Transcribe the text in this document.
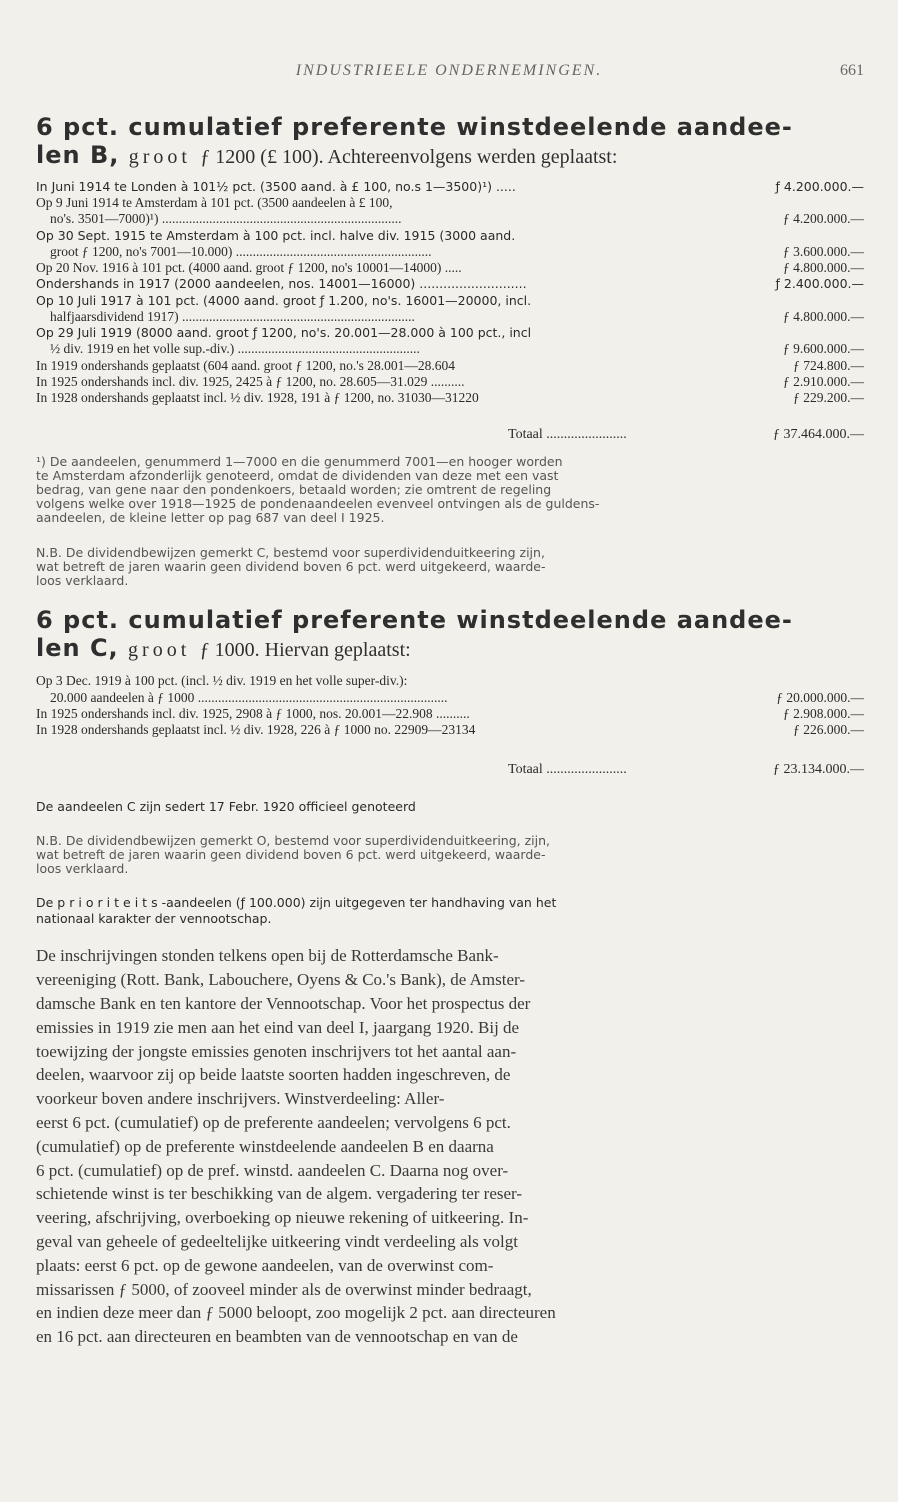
INDUSTRIEELE ONDERNEMINGEN.	661
6 pct. cumulatief preferente winstdeelende aandee-
len B, groot ƒ 1200 (£ 100). Achtereenvolgens werden geplaatst:
In Juni 1914 te Londen à 101½ pct. (3500 aand. à £ 100, no.s 1—3500)¹) .....	ƒ 4.200.000.—
Op 9 Juni 1914 te Amsterdam à 101 pct. (3500 aandeelen à £ 100,
no's. 3501—7000)¹) .......................................................................	ƒ 4.200.000.—
Op 30 Sept. 1915 te Amsterdam à 100 pct. incl. halve div. 1915 (3000 aand.
groot ƒ 1200, no's 7001—10.000) ..........................................................	ƒ 3.600.000.—
Op 20 Nov. 1916 à 101 pct. (4000 aand. groot ƒ 1200, no's 10001—14000) .....	ƒ 4.800.000.—
Ondershands in 1917 (2000 aandeelen, nos. 14001—16000) ...........................	ƒ 2.400.000.—
Op 10 Juli 1917 à 101 pct. (4000 aand. groot ƒ 1.200, no's. 16001—20000, incl.
halfjaarsdividend 1917) .....................................................................	ƒ 4.800.000.—
Op 29 Juli 1919 (8000 aand. groot ƒ 1200, no's. 20.001—28.000 à 100 pct., incl
½ div. 1919 en het volle sup.-div.) ......................................................	ƒ 9.600.000.—
In 1919 ondershands geplaatst (604 aand. groot ƒ 1200, no.'s 28.001—28.604	ƒ 724.800.—
In 1925 ondershands incl. div. 1925, 2425 à ƒ 1200, no. 28.605—31.029 ..........	ƒ 2.910.000.—
In 1928 ondershands geplaatst incl. ½ div. 1928, 191 à ƒ 1200, no. 31030—31220	ƒ 229.200.—
Totaal .......................	ƒ 37.464.000.—
¹) De aandeelen, genummerd 1—7000 en die genummerd 7001—en hooger worden
te Amsterdam afzonderlijk genoteerd, omdat de dividenden van deze met een vast
bedrag, van gene naar den pondenkoers, betaald worden; zie omtrent de regeling
volgens welke over 1918—1925 de pondenaandeelen evenveel ontvingen als de guldens-
aandeelen, de kleine letter op pag 687 van deel I 1925.
N.B. De dividendbewijzen gemerkt C, bestemd voor superdividenduitkeering zijn,
wat betreft de jaren waarin geen dividend boven 6 pct. werd uitgekeerd, waarde-
loos verklaard.
6 pct. cumulatief preferente winstdeelende aandee-
len C, groot ƒ 1000. Hiervan geplaatst:
Op 3 Dec. 1919 à 100 pct. (incl. ½ div. 1919 en het volle super-div.):
20.000 aandeelen à ƒ 1000 ..........................................................................	ƒ 20.000.000.—
In 1925 ondershands incl. div. 1925, 2908 à ƒ 1000, nos. 20.001—22.908 ..........	ƒ 2.908.000.—
In 1928 ondershands geplaatst incl. ½ div. 1928, 226 à ƒ 1000 no. 22909—23134	ƒ 226.000.—
Totaal .......................	ƒ 23.134.000.—
De aandeelen C zijn sedert 17 Febr. 1920 officieel genoteerd
N.B. De dividendbewijzen gemerkt O, bestemd voor superdividenduitkeering, zijn,
wat betreft de jaren waarin geen dividend boven 6 pct. werd uitgekeerd, waarde-
loos verklaard.
De prioriteits-aandeelen (ƒ 100.000) zijn uitgegeven ter handhaving van het
nationaal karakter der vennootschap.
De inschrijvingen stonden telkens open bij de Rotterdamsche Bank-
vereeniging (Rott. Bank, Labouchere, Oyens & Co.'s Bank), de Amster-
damsche Bank en ten kantore der Vennootschap. Voor het prospectus der
emissies in 1919 zie men aan het eind van deel I, jaargang 1920. Bij de
toewijzing der jongste emissies genoten inschrijvers tot het aantal aan-
deelen, waarvoor zij op beide laatste soorten hadden ingeschreven, de
voorkeur boven andere inschrijvers. Winstverdeeling: Aller-
eerst 6 pct. (cumulatief) op de preferente aandeelen; vervolgens 6 pct.
(cumulatief) op de preferente winstdeelende aandeelen B en daarna
6 pct. (cumulatief) op de pref. winstd. aandeelen C. Daarna nog over-
schietende winst is ter beschikking van de algem. vergadering ter reser-
veering, afschrijving, overboeking op nieuwe rekening of uitkeering. In-
geval van geheele of gedeeltelijke uitkeering vindt verdeeling als volgt
plaats: eerst 6 pct. op de gewone aandeelen, van de overwinst com-
missarissen ƒ 5000, of zooveel minder als de overwinst minder bedraagt,
en indien deze meer dan ƒ 5000 beloopt, zoo mogelijk 2 pct. aan directeuren
en 16 pct. aan directeuren en beambten van de vennootschap en van de
